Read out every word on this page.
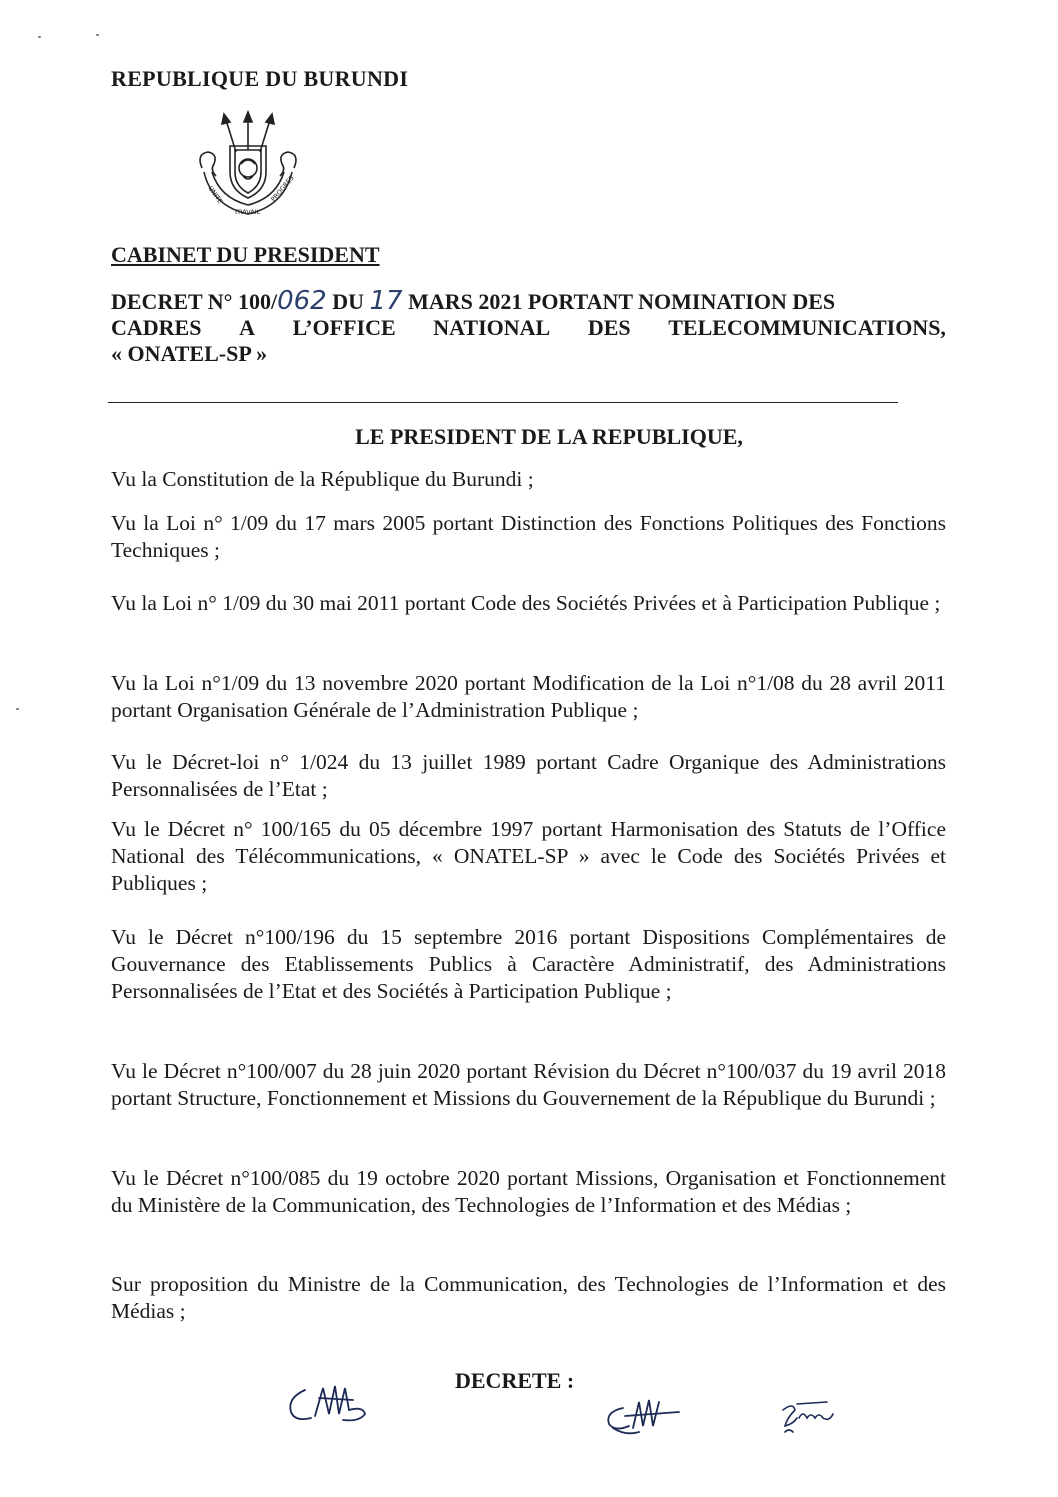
REPUBLIQUE DU BURUNDI
UNITE
TRAVAIL
PROGRES
CABINET DU PRESIDENT
DECRET N° 100/062 DU 17 MARS 2021 PORTANT NOMINATION DES
CADRES A L’OFFICE NATIONAL DES TELECOMMUNICATIONS,
« ONATEL-SP »
LE PRESIDENT DE LA REPUBLIQUE,

Vu la Constitution de la République du Burundi ;

Vu la Loi n° 1/09 du 17 mars 2005 portant Distinction des Fonctions Politiques des Fonctions Techniques ;

Vu la Loi n° 1/09 du 30 mai 2011 portant Code des Sociétés Privées et à Participation Publique ;

Vu la Loi n°1/09 du 13 novembre 2020 portant Modification de la Loi n°1/08 du 28 avril 2011 portant Organisation Générale de l’Administration Publique ;

Vu le Décret-loi n° 1/024 du 13 juillet 1989 portant Cadre Organique des Administrations Personnalisées de l’Etat ;

Vu le Décret n° 100/165 du 05 décembre 1997 portant Harmonisation des Statuts de l’Office National des Télécommunications, « ONATEL-SP » avec le Code des Sociétés Privées et Publiques ;

Vu le Décret n°100/196 du 15 septembre 2016 portant Dispositions Complémentaires de Gouvernance des Etablissements Publics à Caractère Administratif, des Administrations Personnalisées de l’Etat et des Sociétés à Participation Publique ;

Vu le Décret n°100/007 du 28 juin 2020 portant Révision du Décret n°100/037 du 19 avril 2018 portant Structure, Fonctionnement et Missions du Gouvernement de la République du Burundi ;

Vu le Décret n°100/085 du 19 octobre 2020 portant Missions, Organisation et Fonctionnement du Ministère de la Communication, des Technologies de l’Information et des Médias ;

Sur proposition du Ministre de la Communication, des Technologies de l’Information et des Médias ;

DECRETE :
